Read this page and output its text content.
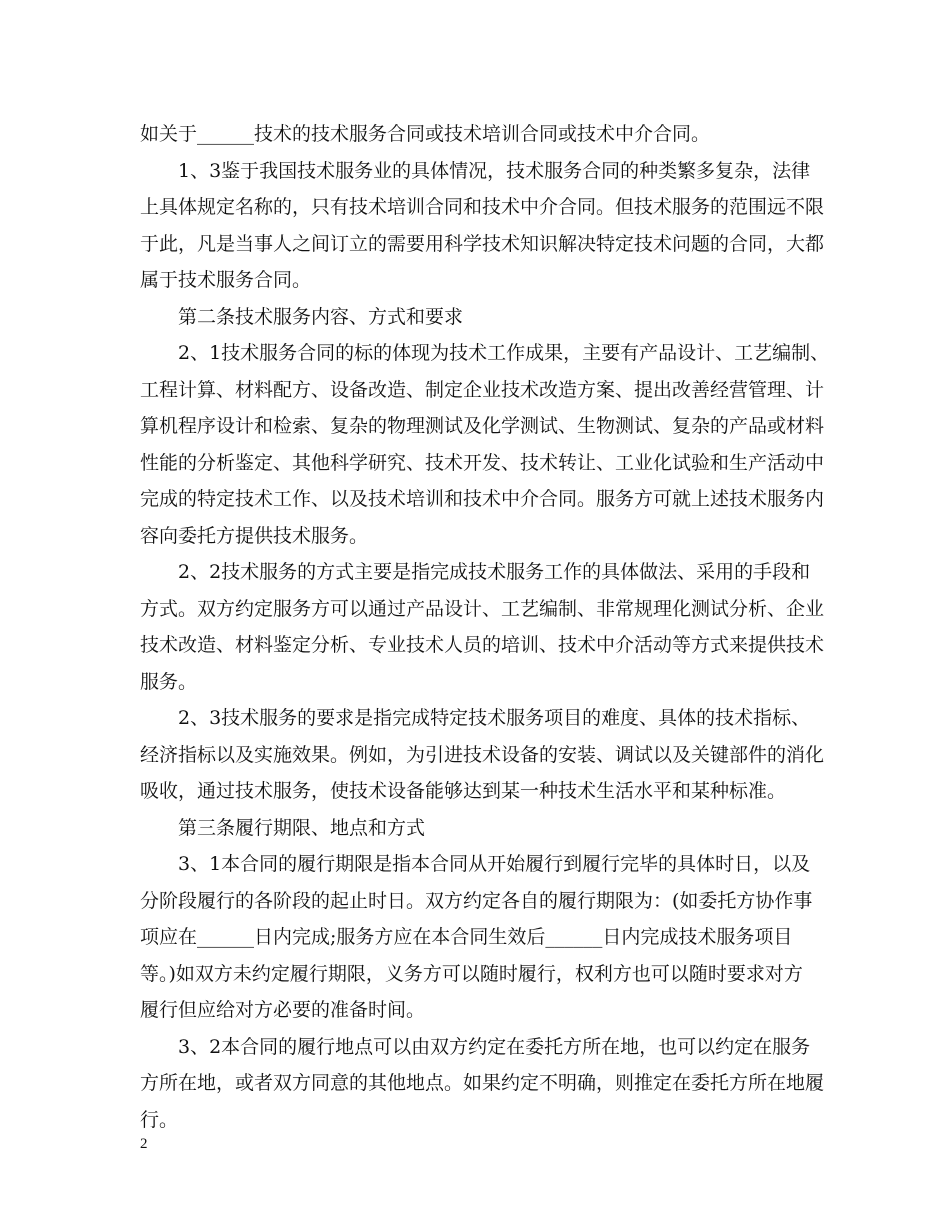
如关于______技术的技术服务合同或技术培训合同或技术中介合同。
1、3鉴于我国技术服务业的具体情况，技术服务合同的种类繁多复杂，法律
上具体规定名称的，只有技术培训合同和技术中介合同。但技术服务的范围远不限
于此，凡是当事人之间订立的需要用科学技术知识解决特定技术问题的合同，大都
属于技术服务合同。
第二条技术服务内容、方式和要求
2、1技术服务合同的标的体现为技术工作成果，主要有产品设计、工艺编制、
工程计算、材料配方、设备改造、制定企业技术改造方案、提出改善经营管理、计
算机程序设计和检索、复杂的物理测试及化学测试、生物测试、复杂的产品或材料
性能的分析鉴定、其他科学研究、技术开发、技术转让、工业化试验和生产活动中
完成的特定技术工作、以及技术培训和技术中介合同。服务方可就上述技术服务内
容向委托方提供技术服务。
2、2技术服务的方式主要是指完成技术服务工作的具体做法、采用的手段和
方式。双方约定服务方可以通过产品设计、工艺编制、非常规理化测试分析、企业
技术改造、材料鉴定分析、专业技术人员的培训、技术中介活动等方式来提供技术
服务。
2、3技术服务的要求是指完成特定技术服务项目的难度、具体的技术指标、
经济指标以及实施效果。例如，为引进技术设备的安装、调试以及关键部件的消化
吸收，通过技术服务，使技术设备能够达到某一种技术生活水平和某种标准。
第三条履行期限、地点和方式
3、1本合同的履行期限是指本合同从开始履行到履行完毕的具体时日，以及
分阶段履行的各阶段的起止时日。双方约定各自的履行期限为：(如委托方协作事
项应在______日内完成;服务方应在本合同生效后______日内完成技术服务项目
等。)如双方未约定履行期限，义务方可以随时履行，权利方也可以随时要求对方
履行但应给对方必要的准备时间。
3、2本合同的履行地点可以由双方约定在委托方所在地，也可以约定在服务
方所在地，或者双方同意的其他地点。如果约定不明确，则推定在委托方所在地履
行。
2
